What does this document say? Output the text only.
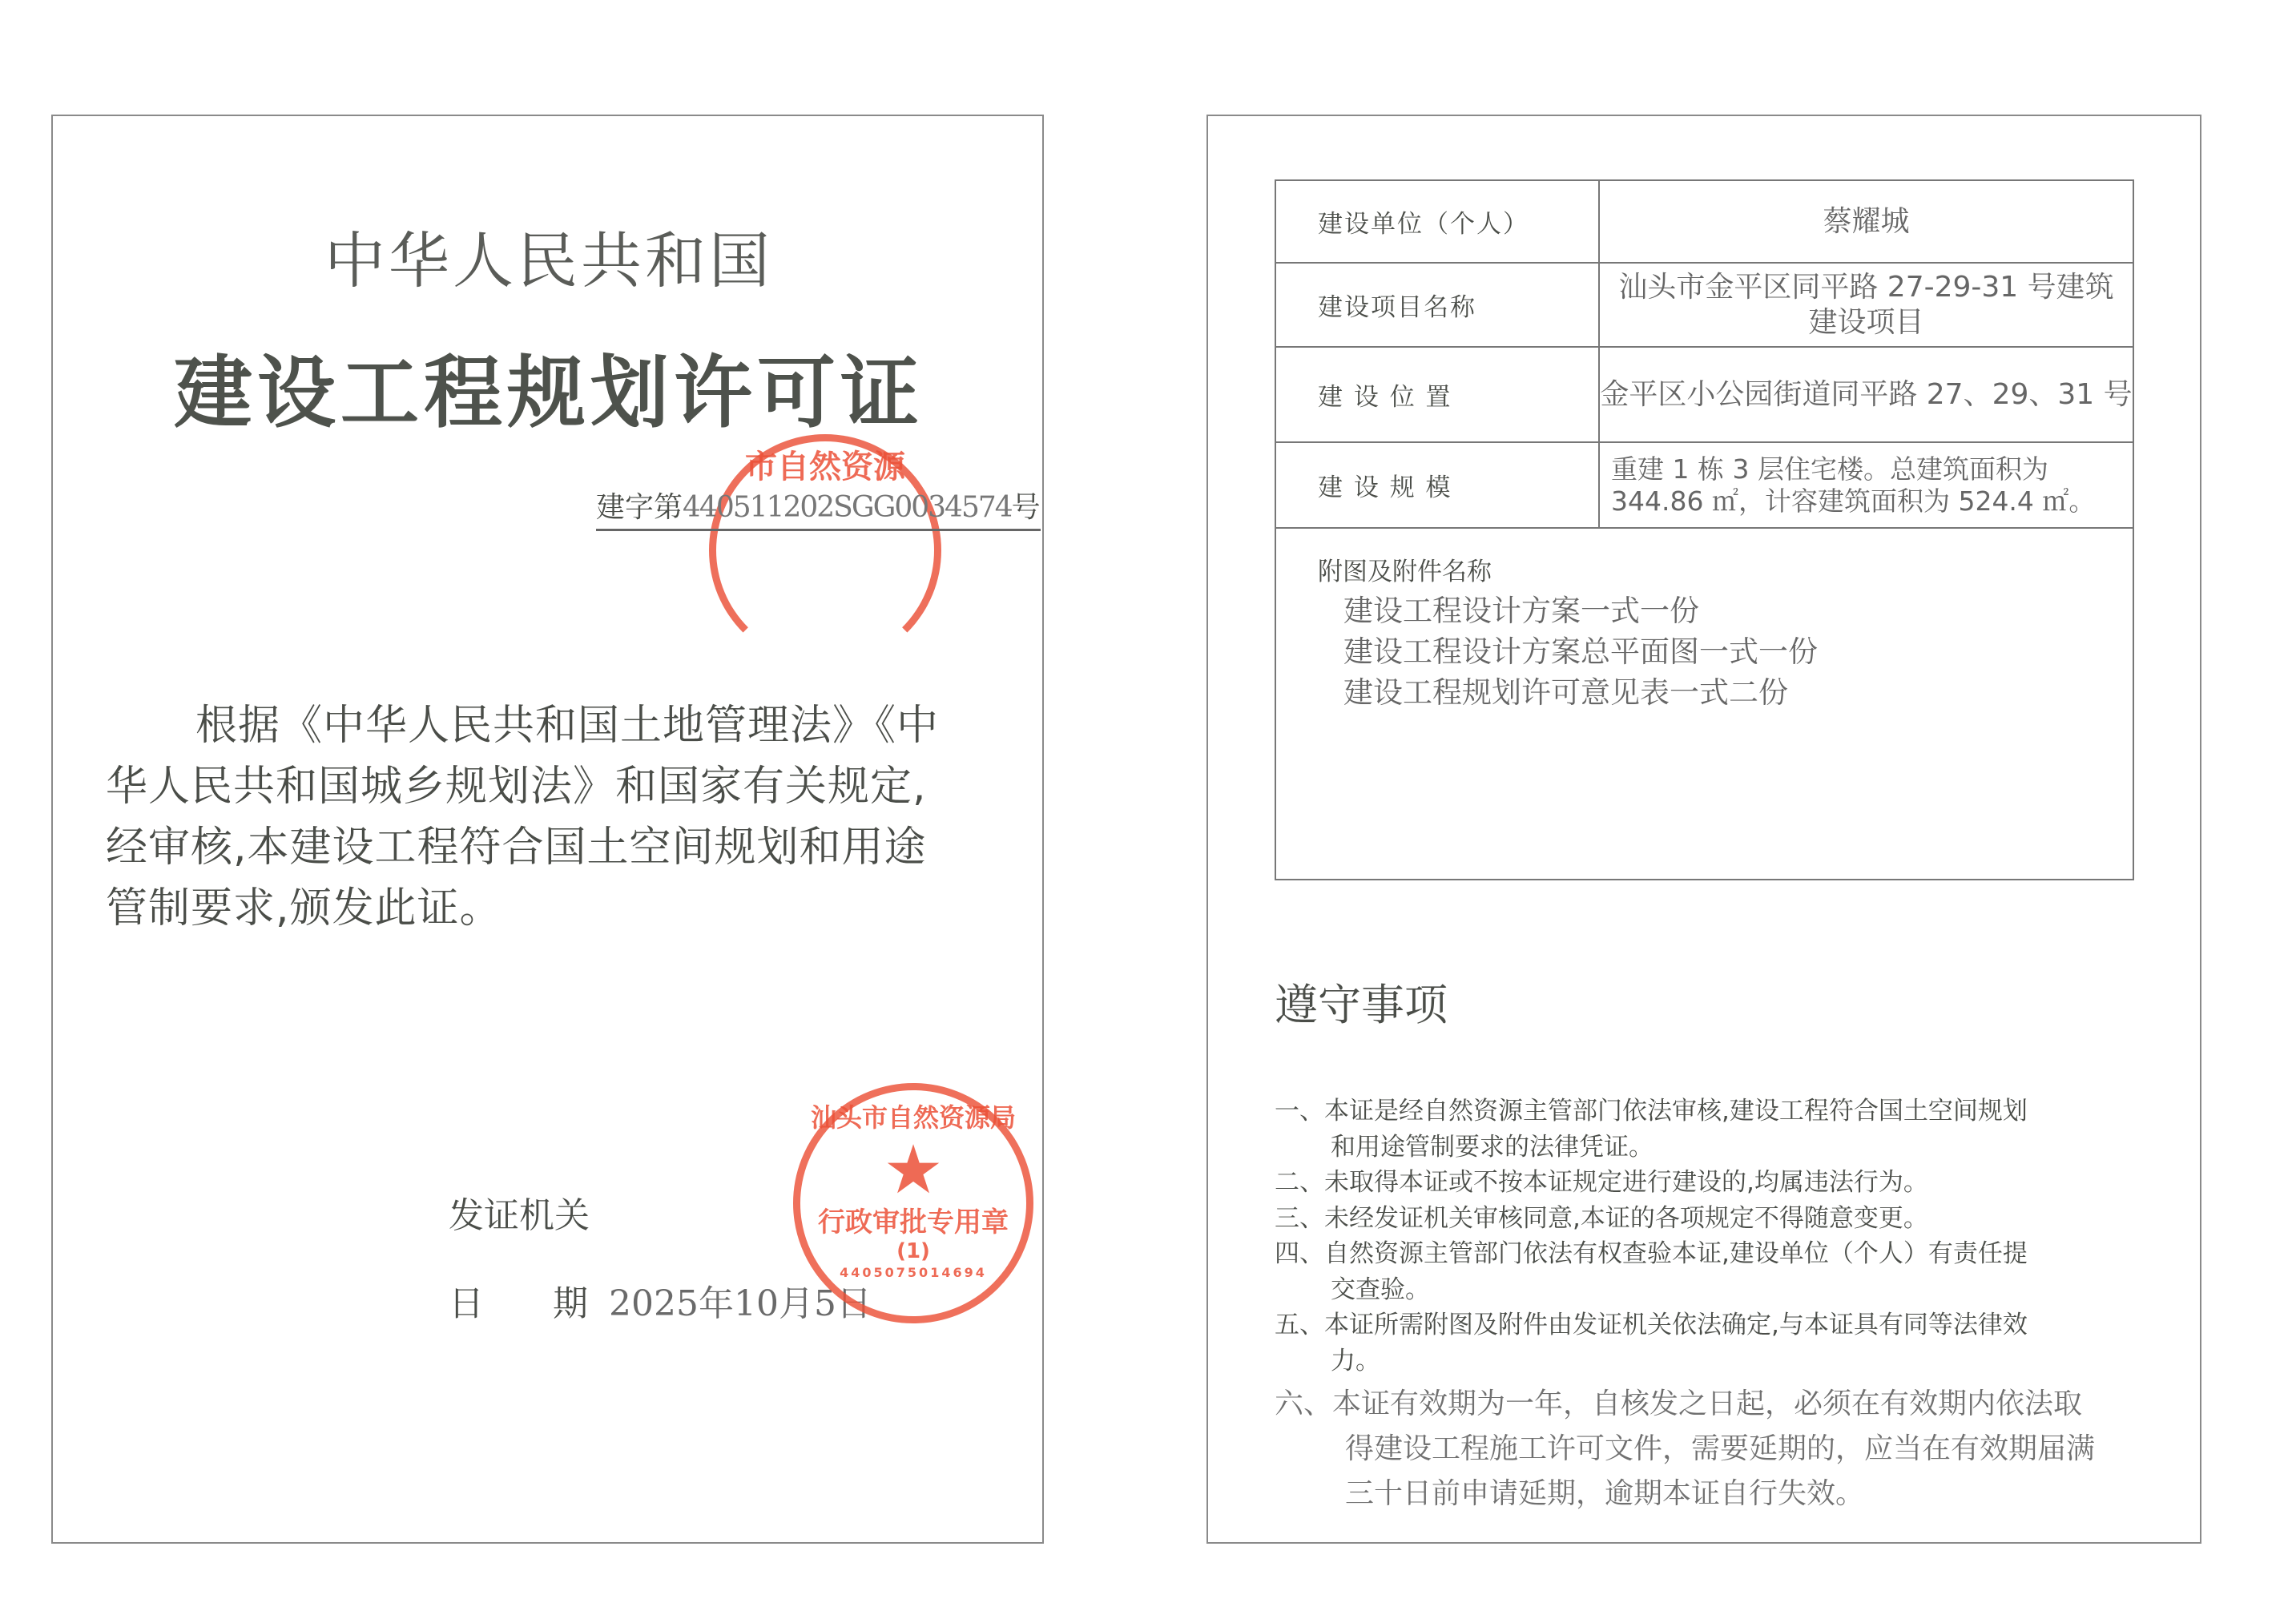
中华人民共和国
建设工程规划许可证
市自然资源
建字第440511202SGG0034574号
根据《中华人民共和国土地管理法》《中
华人民共和国城乡规划法》和国家有关规定,
经审核,本建设工程符合国土空间规划和用途
管制要求,颁发此证。
发证机关
日 期 2025年10月5日
汕头市自然资源局
★
行政审批专用章
(1)
4405075014694
建设单位（个人）	蔡耀城
建设项目名称	汕头市金平区同平路 27-29-31 号建筑建设项目
建 设 位 置	金平区小公园街道同平路 27、29、31 号
建 设 规 模	重建 1 栋 3 层住宅楼。总建筑面积为 344.86 ㎡，计容建筑面积为 524.4 ㎡。

附图及附件名称
建设工程设计方案一式一份
建设工程设计方案总平面图一式一份
建设工程规划许可意见表一式二份	
遵守事项
一、本证是经自然资源主管部门依法审核,建设工程符合国土空间规划
和用途管制要求的法律凭证。
二、未取得本证或不按本证规定进行建设的,均属违法行为。
三、未经发证机关审核同意,本证的各项规定不得随意变更。
四、自然资源主管部门依法有权查验本证,建设单位（个人）有责任提
交查验。
五、本证所需附图及附件由发证机关依法确定,与本证具有同等法律效
力。
六、本证有效期为一年，自核发之日起，必须在有效期内依法取
得建设工程施工许可文件，需要延期的，应当在有效期届满
三十日前申请延期，逾期本证自行失效。
